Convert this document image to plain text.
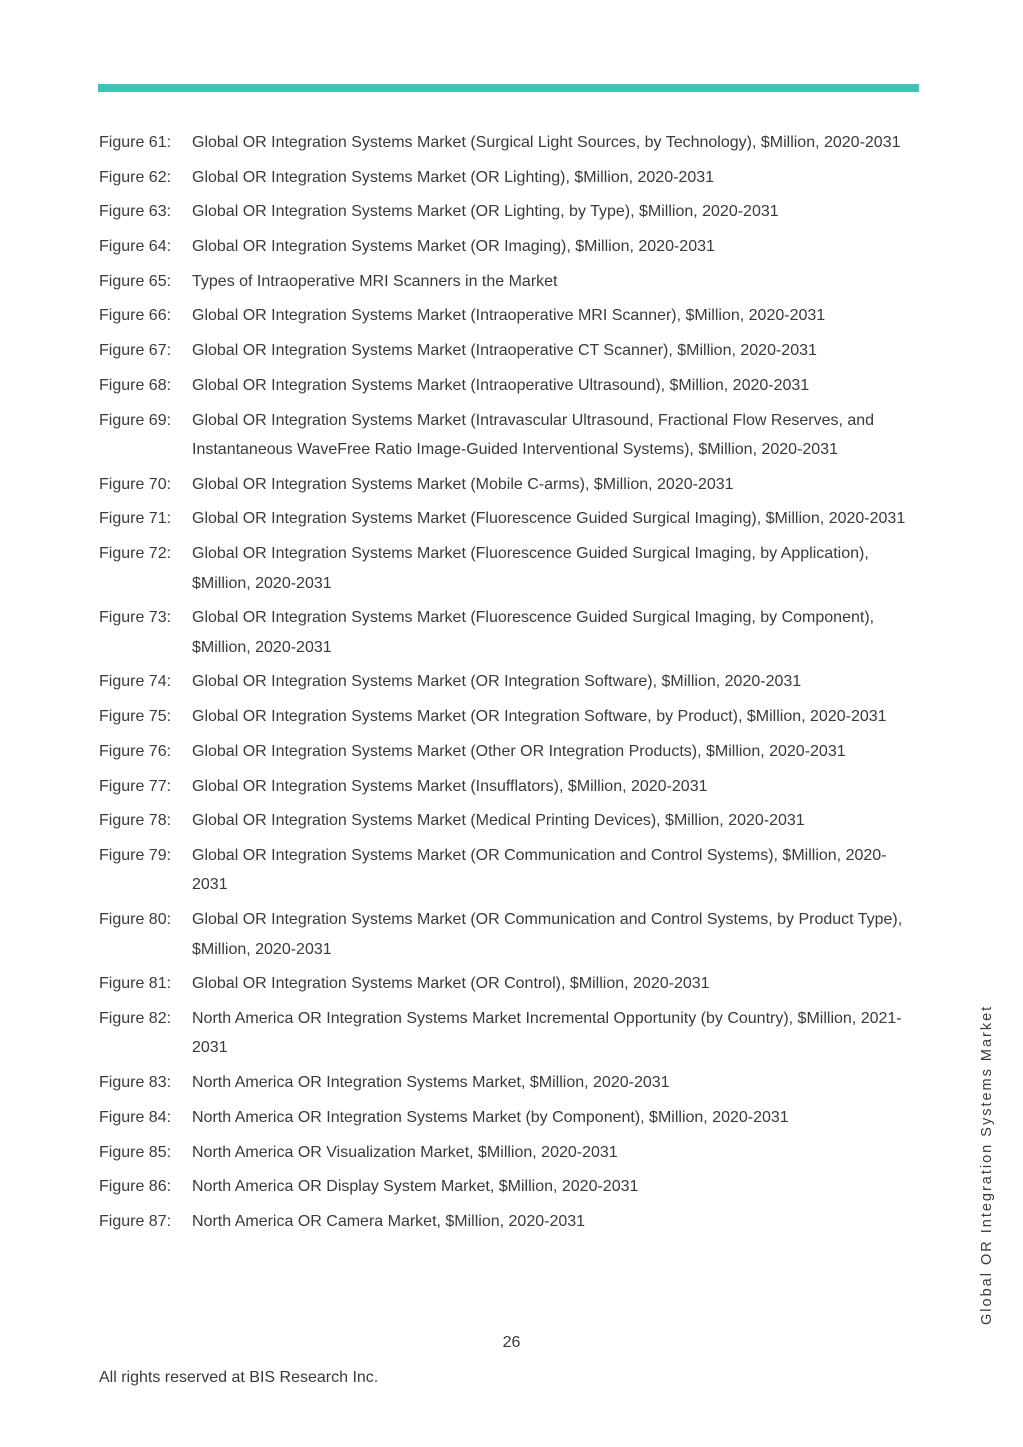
Figure 61:	Global OR Integration Systems Market (Surgical Light Sources, by Technology), $Million, 2020-2031
Figure 62:	Global OR Integration Systems Market (OR Lighting), $Million, 2020-2031
Figure 63:	Global OR Integration Systems Market (OR Lighting, by Type), $Million, 2020-2031
Figure 64:	Global OR Integration Systems Market (OR Imaging), $Million, 2020-2031
Figure 65:	Types of Intraoperative MRI Scanners in the Market
Figure 66:	Global OR Integration Systems Market (Intraoperative MRI Scanner), $Million, 2020-2031
Figure 67:	Global OR Integration Systems Market (Intraoperative CT Scanner), $Million, 2020-2031
Figure 68:	Global OR Integration Systems Market (Intraoperative Ultrasound), $Million, 2020-2031
Figure 69:	Global OR Integration Systems Market (Intravascular Ultrasound, Fractional Flow Reserves, and Instantaneous WaveFree Ratio Image-Guided Interventional Systems), $Million, 2020-2031
Figure 70:	Global OR Integration Systems Market (Mobile C-arms), $Million, 2020-2031
Figure 71:	Global OR Integration Systems Market (Fluorescence Guided Surgical Imaging), $Million, 2020-2031
Figure 72:	Global OR Integration Systems Market (Fluorescence Guided Surgical Imaging, by Application), $Million, 2020-2031
Figure 73:	Global OR Integration Systems Market (Fluorescence Guided Surgical Imaging, by Component), $Million, 2020-2031
Figure 74:	Global OR Integration Systems Market (OR Integration Software), $Million, 2020-2031
Figure 75:	Global OR Integration Systems Market (OR Integration Software, by Product), $Million, 2020-2031
Figure 76:	Global OR Integration Systems Market (Other OR Integration Products), $Million, 2020-2031
Figure 77:	Global OR Integration Systems Market (Insufflators), $Million, 2020-2031
Figure 78:	Global OR Integration Systems Market (Medical Printing Devices), $Million, 2020-2031
Figure 79:	Global OR Integration Systems Market (OR Communication and Control Systems), $Million, 2020-2031
Figure 80:	Global OR Integration Systems Market (OR Communication and Control Systems, by Product Type), $Million, 2020-2031
Figure 81:	Global OR Integration Systems Market (OR Control), $Million, 2020-2031
Figure 82:	North America OR Integration Systems Market Incremental Opportunity (by Country), $Million, 2021-2031
Figure 83:	North America OR Integration Systems Market, $Million, 2020-2031
Figure 84:	North America OR Integration Systems Market (by Component), $Million, 2020-2031
Figure 85:	North America OR Visualization Market, $Million, 2020-2031
Figure 86:	North America OR Display System Market, $Million, 2020-2031
Figure 87:	North America OR Camera Market, $Million, 2020-2031
26
All rights reserved at BIS Research Inc.
Global OR Integration Systems Market
